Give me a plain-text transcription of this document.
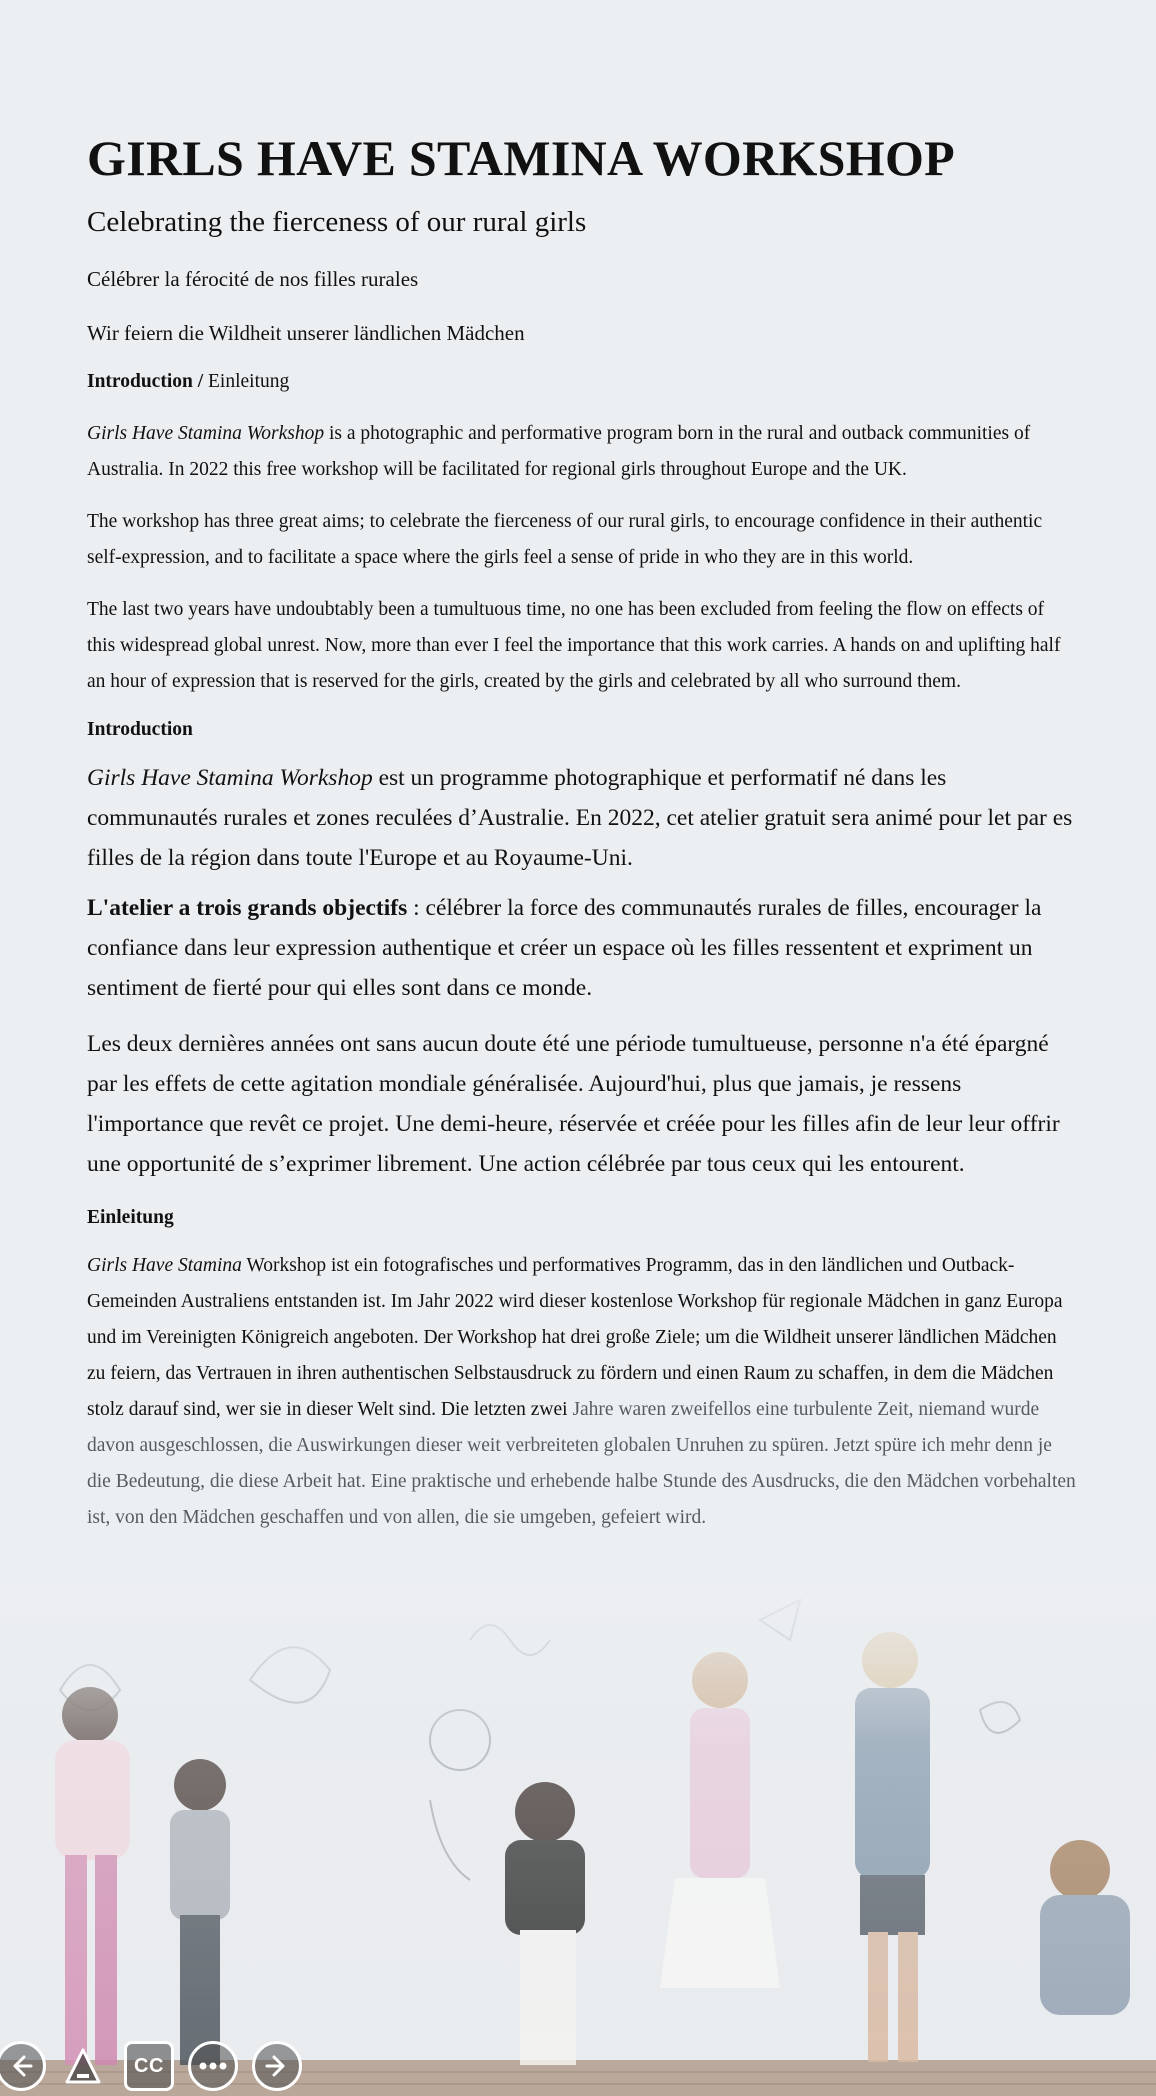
GIRLS HAVE STAMINA WORKSHOP

Celebrating the fierceness of our rural girls

Célébrer la férocité de nos filles rurales

Wir feiern die Wildheit unserer ländlichen Mädchen

Introduction / Einleitung

Girls Have Stamina Workshop is a photographic and performative program born in the rural and outback communities of Australia. In 2022 this free workshop will be facilitated for regional girls throughout Europe and the UK.

The workshop has three great aims; to celebrate the fierceness of our rural girls, to encourage confidence in their authentic self-expression, and to facilitate a space where the girls feel a sense of pride in who they are in this world.

The last two years have undoubtably been a tumultuous time, no one has been excluded from feeling the flow on effects of this widespread global unrest. Now, more than ever I feel the importance that this work carries. A hands on and uplifting half an hour of expression that is reserved for the girls, created by the girls and celebrated by all who surround them.

Introduction

Girls Have Stamina Workshop est un programme photographique et performatif né dans les communautés rurales et zones reculées d’Australie. En 2022, cet atelier gratuit sera animé pour let par es filles de la région dans toute l'Europe et au Royaume-Uni.

L'atelier a trois grands objectifs : célébrer la force des communautés rurales de filles, encourager la confiance dans leur expression authentique et créer un espace où les filles ressentent et expriment un sentiment de fierté pour qui elles sont dans ce monde.

Les deux dernières années ont sans aucun doute été une période tumultueuse, personne n'a été épargné par les effets de cette agitation mondiale généralisée. Aujourd'hui, plus que jamais, je ressens l'importance que revêt ce projet. Une demi-heure, réservée et créée pour les filles afin de leur leur offrir une opportunité de s’exprimer librement. Une action célébrée par tous ceux qui les entourent.

Einleitung

Girls Have Stamina Workshop ist ein fotografisches und performatives Programm, das in den ländlichen und Outback-Gemeinden Australiens entstanden ist. Im Jahr 2022 wird dieser kostenlose Workshop für regionale Mädchen in ganz Europa und im Vereinigten Königreich angeboten. Der Workshop hat drei große Ziele; um die Wildheit unserer ländlichen Mädchen zu feiern, das Vertrauen in ihren authentischen Selbstausdruck zu fördern und einen Raum zu schaffen, in dem die Mädchen stolz darauf sind, wer sie in dieser Welt sind. Die letzten zwei Jahre waren zweifellos eine turbulente Zeit, niemand wurde davon ausgeschlossen, die Auswirkungen dieser weit verbreiteten globalen Unruhen zu spüren. Jetzt spüre ich mehr denn je die Bedeutung, die diese Arbeit hat. Eine praktische und erhebende halbe Stunde des Ausdrucks, die den Mädchen vorbehalten ist, von den Mädchen geschaffen und von allen, die sie umgeben, gefeiert wird.

CC
